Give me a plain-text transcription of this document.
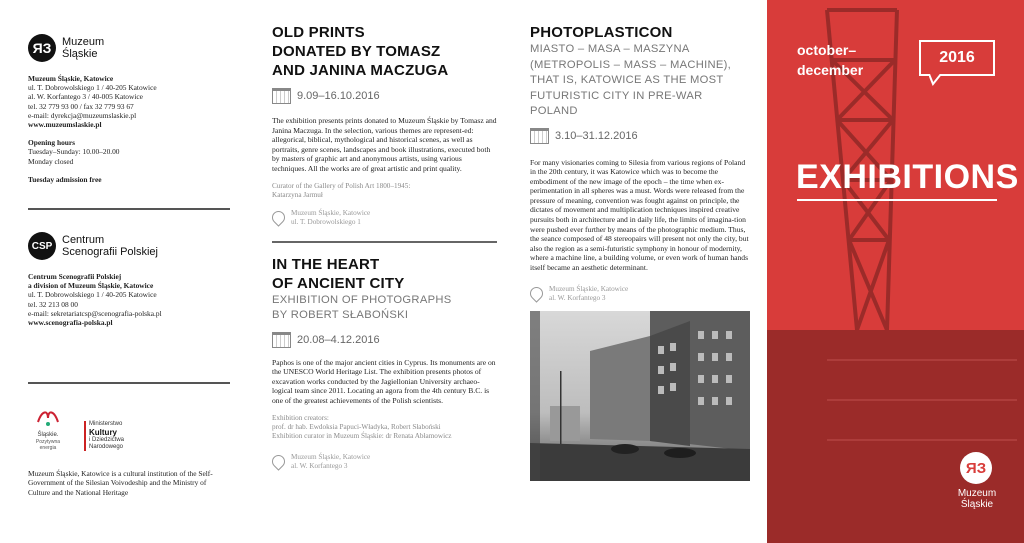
ЯЗ Muzeum
Śląskie
Muzeum Śląskie, Katowice
ul. T. Dobrowolskiego 1 / 40-205 Katowice
al. W. Korfantego 3 / 40-005 Katowice
tel. 32 779 93 00 / fax 32 779 93 67
e-mail: dyrekcja@muzeumslaskie.pl
www.muzeumslaskie.pl
Opening hours
Tuesday–Sunday: 10.00–20.00
Monday closed
Tuesday admission free
CSP Centrum
Scenografii Polskiej
Centrum Scenografii Polskiej
a division of Muzeum Śląskie, Katowice
ul. T. Dobrowolskiego 1 / 40-205 Katowice
tel. 32 213 08 00
e-mail: sekretariatcsp@scenografia-polska.pl
www.scenografia-polska.pl
Śląskie.
Pozytywna energia
Ministerstwo
Kultury
i Dziedzictwa
Narodowego
Muzeum Śląskie, Katowice is a cultural institution of the Self-Government of the Silesian Voivodeship and the Ministry of Culture and the National Heritage
OLD PRINTS
DONATED BY TOMASZ
AND JANINA MACZUGA
9.09–16.10.2016
The exhibition presents prints donated to Muzeum Śląskie by Tomasz and Janina Maczuga. In the selection, various themes are represent-ed: allegorical, biblical, mythological and historical scenes, as well as portraits, genre scenes, landscapes and book illustrations, executed both by masters of graphic art and anonymous artists, using various techniques. All the works are of great artistic and print quality.
Curator of the Gallery of Polish Art 1800–1945:
Katarzyna Jarmuł
Muzeum Śląskie, Katowice
ul. T. Dobrowolskiego 1
IN THE HEART
OF ANCIENT CITY
EXHIBITION OF PHOTOGRAPHS
BY ROBERT SŁABOŃSKI
20.08–4.12.2016
Paphos is one of the major ancient cities in Cyprus. Its monuments are on the UNESCO World Heritage List. The exhibition presents photos of excavation works conducted by the Jagiellonian University archaeo-logical team since 2011. Locating an agora from the 4th century B.C. is one of the greatest achievements of the Polish scientists.
Exhibition creators:
prof. dr hab. Ewdoksia Papuci-Władyka, Robert Słaboński
Exhibition curator in Muzeum Śląskie: dr Renata Abłamowicz
Muzeum Śląskie, Katowice
al. W. Korfantego 3
PHOTOPLASTICON
MIASTO – MASA – MASZYNA
(METROPOLIS – MASS – MACHINE),
THAT IS, KATOWICE AS THE MOST
FUTURISTIC CITY IN PRE-WAR POLAND
3.10–31.12.2016
For many visionaries coming to Silesia from various regions of Poland in the 20th century, it was Katowice which was to become the embodiment of the new image of the epoch – the time when ex-perimentation in all spheres was a must. Words were released from the pressure of meaning, convention was fought against on principle, the dictates of movement and multiplication techniques inspired creative pursuits both in architecture and in daily life, the limits of imagina-tion were pushed ever further by means of the photographic medium. Thus, the seance composed of 48 stereopairs will present not only the city, but also the region as a semi-futuristic symphony in honour of modernity, where a machine line, a building volume, or even work of human hands itself became an aesthetic determinant.
Muzeum Śląskie, Katowice
al. W. Korfantego 3
october–
december
2016
EXHIBITIONS
ЯЗ
Muzeum
Śląskie
